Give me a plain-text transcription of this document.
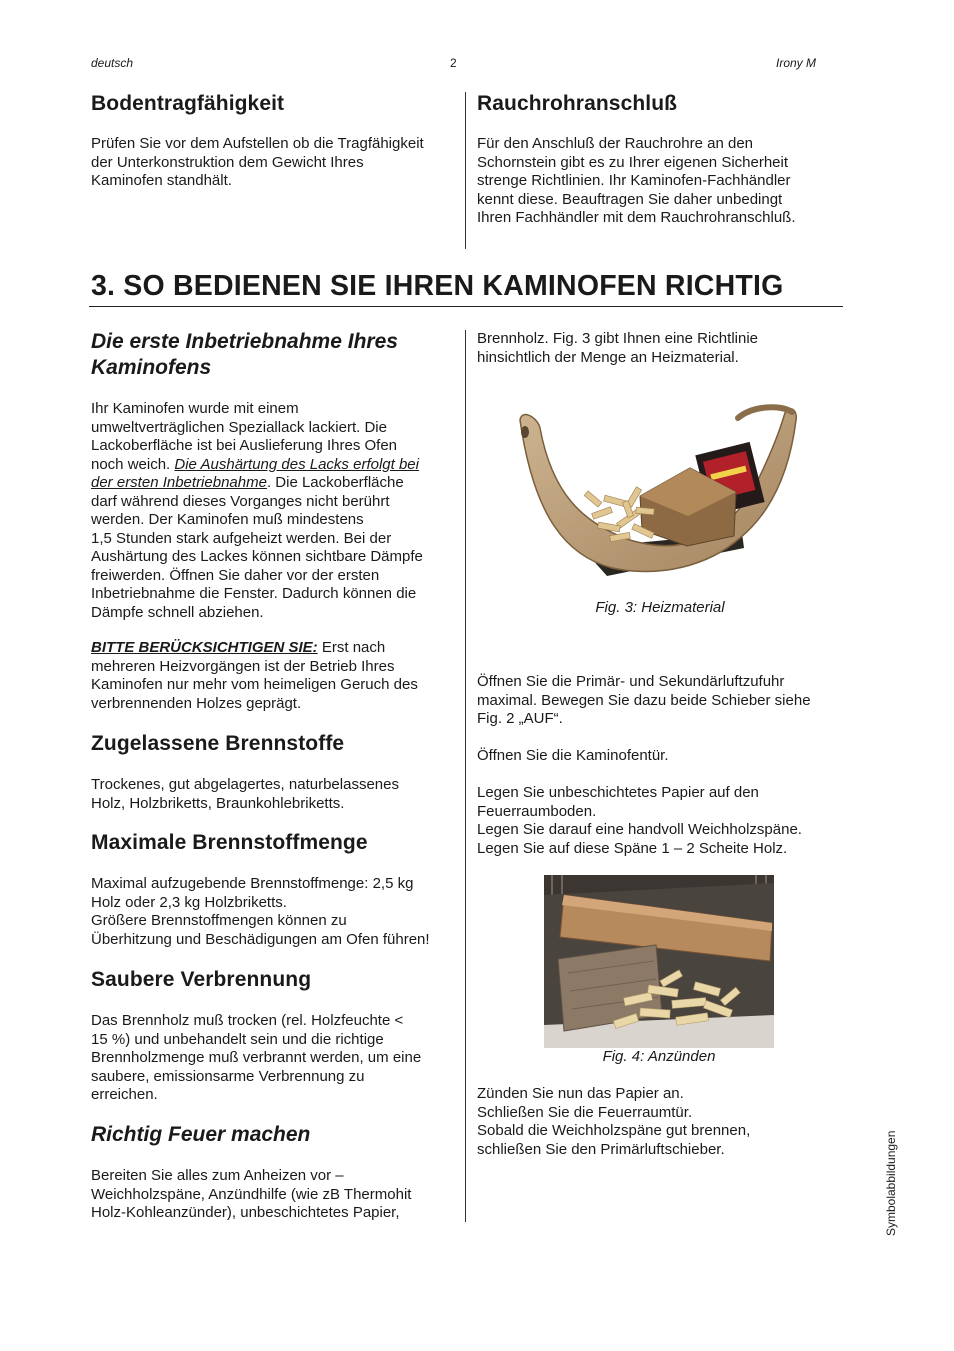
deutsch	2	Irony M
Bodentragfähigkeit
Prüfen Sie vor dem Aufstellen ob die Tragfähigkeit
der Unterkonstruktion dem Gewicht Ihres
Kaminofen standhält.
Rauchrohranschluß
Für den Anschluß der Rauchrohre an den
Schornstein gibt es zu Ihrer eigenen Sicherheit
strenge Richtlinien. Ihr Kaminofen-Fachhändler
kennt diese. Beauftragen Sie daher unbedingt
Ihren Fachhändler mit dem Rauchrohranschluß.
3. SO BEDIENEN SIE IHREN KAMINOFEN RICHTIG
Die erste Inbetriebnahme Ihres
Kaminofens
Ihr Kaminofen wurde mit einem
umweltverträglichen Speziallack lackiert. Die
Lackoberfläche ist bei Auslieferung Ihres Ofen
noch weich. Die Aushärtung des Lacks erfolgt bei
der ersten Inbetriebnahme. Die Lackoberfläche
darf während dieses Vorganges nicht berührt
werden. Der Kaminofen muß mindestens
1,5 Stunden stark aufgeheizt werden. Bei der
Aushärtung des Lackes können sichtbare Dämpfe
freiwerden. Öffnen Sie daher vor der ersten
Inbetriebnahme die Fenster. Dadurch können die
Dämpfe schnell abziehen.
BITTE BERÜCKSICHTIGEN SIE: Erst nach
mehreren Heizvorgängen ist der Betrieb Ihres
Kaminofen nur mehr vom heimeligen Geruch des
verbrennenden Holzes geprägt.
Zugelassene Brennstoffe
Trockenes, gut abgelagertes, naturbelassenes
Holz, Holzbriketts, Braunkohlebriketts.
Maximale Brennstoffmenge
Maximal aufzugebende Brennstoffmenge: 2,5 kg
Holz oder 2,3 kg Holzbriketts.
Größere Brennstoffmengen können zu
Überhitzung und Beschädigungen am Ofen führen!
Saubere Verbrennung
Das Brennholz muß trocken (rel. Holzfeuchte <
15 %) und unbehandelt sein und die richtige
Brennholzmenge muß verbrannt werden, um eine
saubere, emissionsarme Verbrennung zu
erreichen.
Richtig Feuer machen
Bereiten Sie alles zum Anheizen vor –
Weichholzspäne, Anzündhilfe (wie zB Thermohit
Holz-Kohleanzünder), unbeschichtetes Papier,
Brennholz. Fig. 3 gibt Ihnen eine Richtlinie
hinsichtlich der Menge an Heizmaterial.
Fig. 3: Heizmaterial
Öffnen Sie die Primär- und Sekundärluftzufuhr
maximal. Bewegen Sie dazu beide Schieber siehe
Fig. 2 „AUF“.
Öffnen Sie die Kaminofentür.
Legen Sie unbeschichtetes Papier auf den
Feuerraumboden.
Legen Sie darauf eine handvoll Weichholzspäne.
Legen Sie auf diese Späne 1 – 2 Scheite Holz.
Fig. 4: Anzünden
Zünden Sie nun das Papier an.
Schließen Sie die Feuerraumtür.
Sobald die Weichholzspäne gut brennen,
schließen Sie den Primärluftschieber.	Symbolabbildungen
